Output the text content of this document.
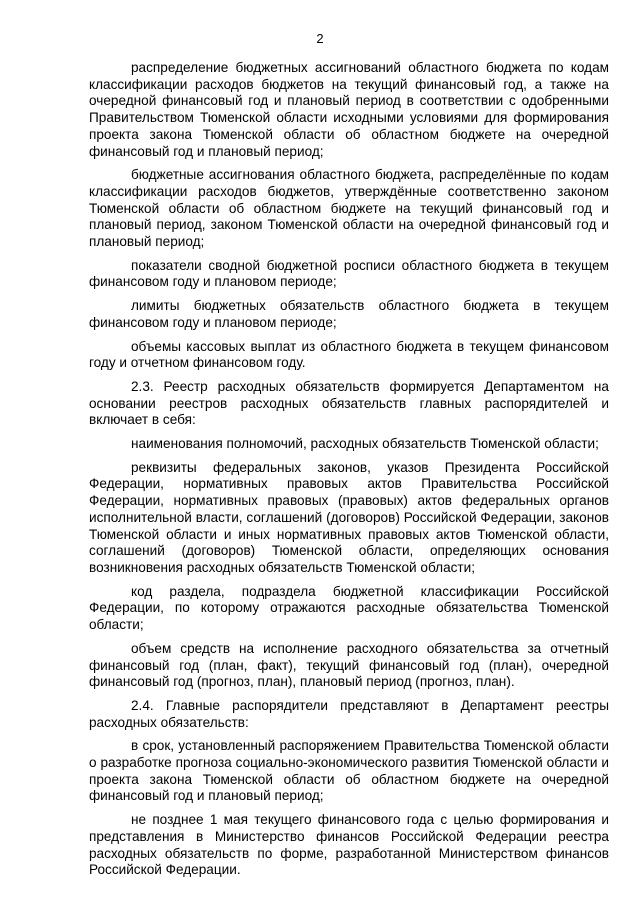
2

распределение бюджетных ассигнований областного бюджета по кодам классификации расходов бюджетов на текущий финансовый год, а также на очередной финансовый год и плановый период в соответствии с одобренными Правительством Тюменской области исходными условиями для формирования проекта закона Тюменской области об областном бюджете на очередной финансовый год и плановый период;

бюджетные ассигнования областного бюджета, распределённые по кодам классификации расходов бюджетов, утверждённые соответственно законом Тюменской области об областном бюджете на текущий финансовый год и плановый период, законом Тюменской области на очередной финансовый год и плановый период;

показатели сводной бюджетной росписи областного бюджета в текущем финансовом году и плановом периоде;

лимиты бюджетных обязательств областного бюджета в текущем финансовом году и плановом периоде;

объемы кассовых выплат из областного бюджета в текущем финансовом году и отчетном финансовом году.

2.3. Реестр расходных обязательств формируется Департаментом на основании реестров расходных обязательств главных распорядителей и включает в себя:

наименования полномочий, расходных обязательств Тюменской области;

реквизиты федеральных законов, указов Президента Российской Федерации, нормативных правовых актов Правительства Российской Федерации, нормативных правовых (правовых) актов федеральных органов исполнительной власти, соглашений (договоров) Российской Федерации, законов Тюменской области и иных нормативных правовых актов Тюменской области, соглашений (договоров) Тюменской области, определяющих основания возникновения расходных обязательств Тюменской области;

код раздела, подраздела бюджетной классификации Российской Федерации, по которому отражаются расходные обязательства Тюменской области;

объем средств на исполнение расходного обязательства за отчетный финансовый год (план, факт), текущий финансовый год (план), очередной финансовый год (прогноз, план), плановый период (прогноз, план).

2.4. Главные распорядители представляют в Департамент реестры расходных обязательств:

в срок, установленный распоряжением Правительства Тюменской области о разработке прогноза социально-экономического развития Тюменской области и проекта закона Тюменской области об областном бюджете на очередной финансовый год и плановый период;

не позднее 1 мая текущего финансового года с целью формирования и представления в Министерство финансов Российской Федерации реестра расходных обязательств по форме, разработанной Министерством финансов Российской Федерации.
